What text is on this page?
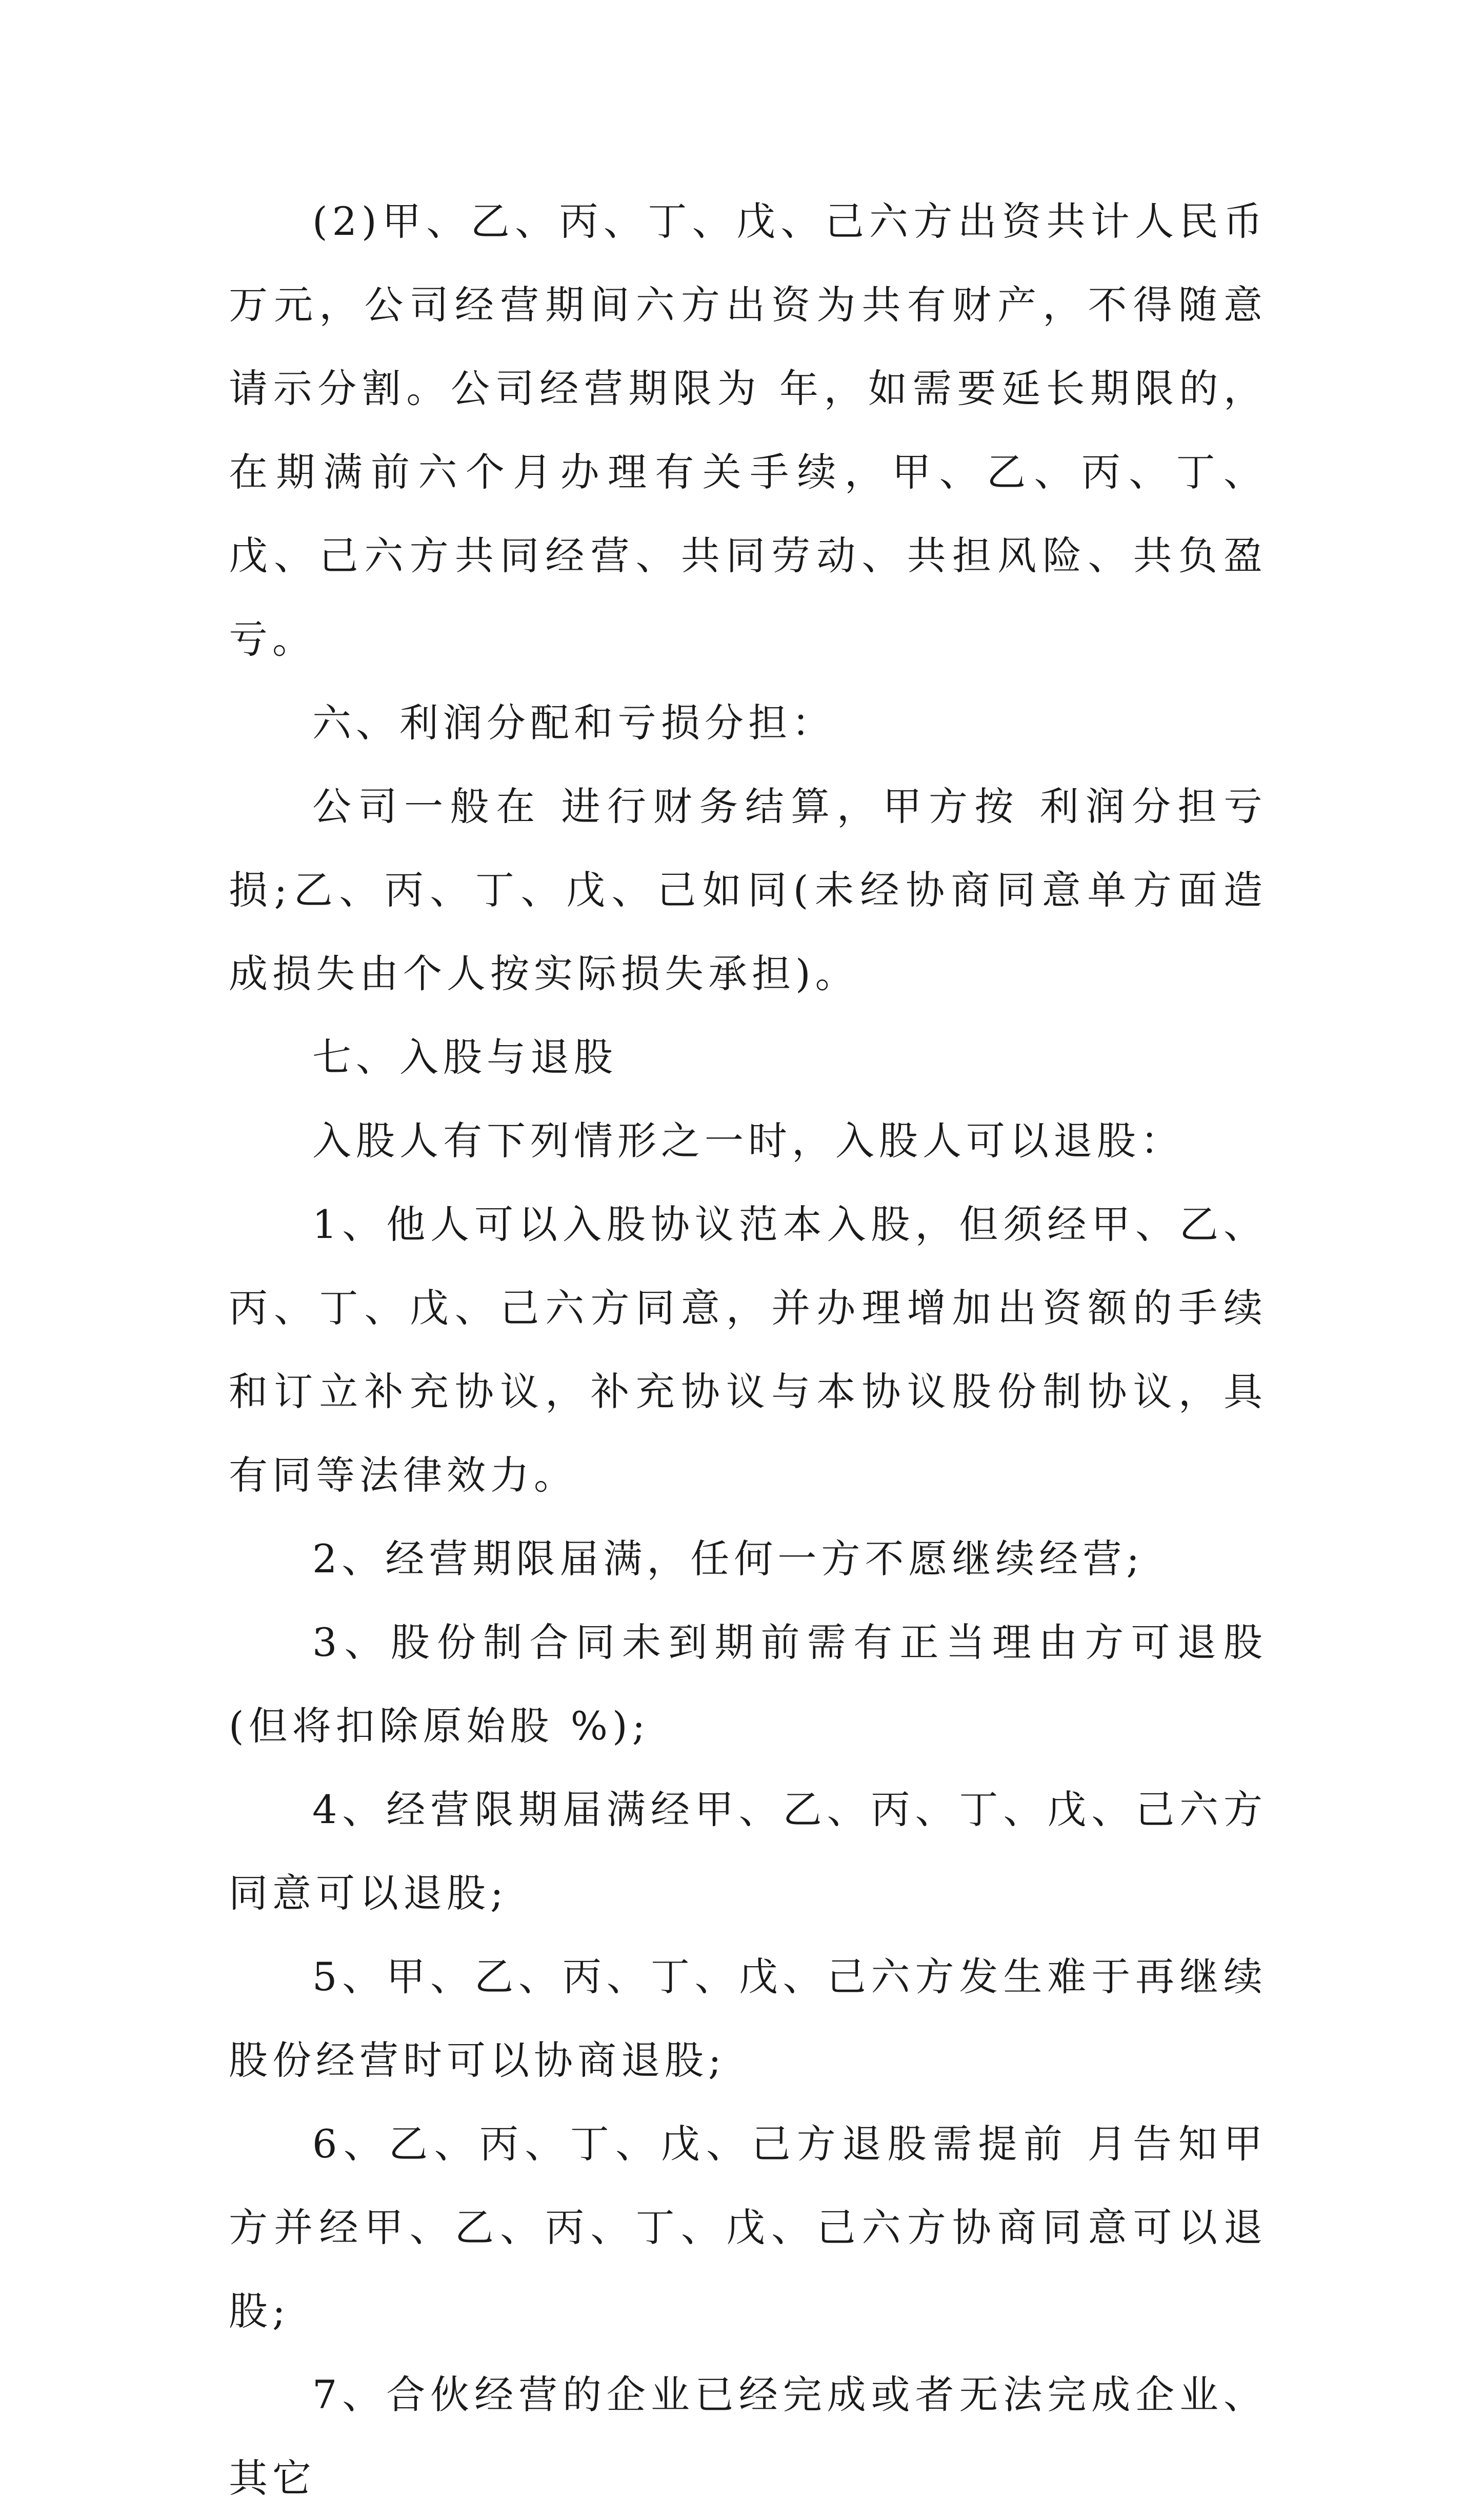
(2)甲、乙、丙、丁、戊、己六方出资共计人民币 万元，公司经营期间六方出资为共有财产，不得随意请示分割。公司经营期限为 年，如需要延长期限的，在期满前六个月办理有关手续，甲、乙、丙、丁、戊、己六方共同经营、共同劳动、共担风险、共负盈亏。

六、利润分配和亏损分担：

公司一般在 进行财务结算，甲方按 利润分担亏损;乙、丙、丁、戊、己如同(未经协商同意单方面造成损失由个人按实际损失承担)。

七、入股与退股

入股人有下列情形之一时，入股人可以退股：

1、他人可以入股协议范本入股，但须经甲、乙、丙、丁、戊、己六方同意，并办理增加出资额的手续和订立补充协议，补充协议与本协议股份制协议，具有同等法律效力。

2、经营期限届满，任何一方不愿继续经营;

3、股份制合同未到期前需有正当理由方可退股(但将扣除原始股 %);

4、经营限期届满经甲、乙、丙、丁、戊、己六方同意可以退股;

5、甲、乙、丙、丁、戊、己六方发生难于再继续股份经营时可以协商退股;

6、乙、丙、丁、戊、己方退股需提前 月告知甲方并经甲、乙、丙、丁、戊、己六方协商同意可以退股;

7、合伙经营的企业已经完成或者无法完成企业、其它
